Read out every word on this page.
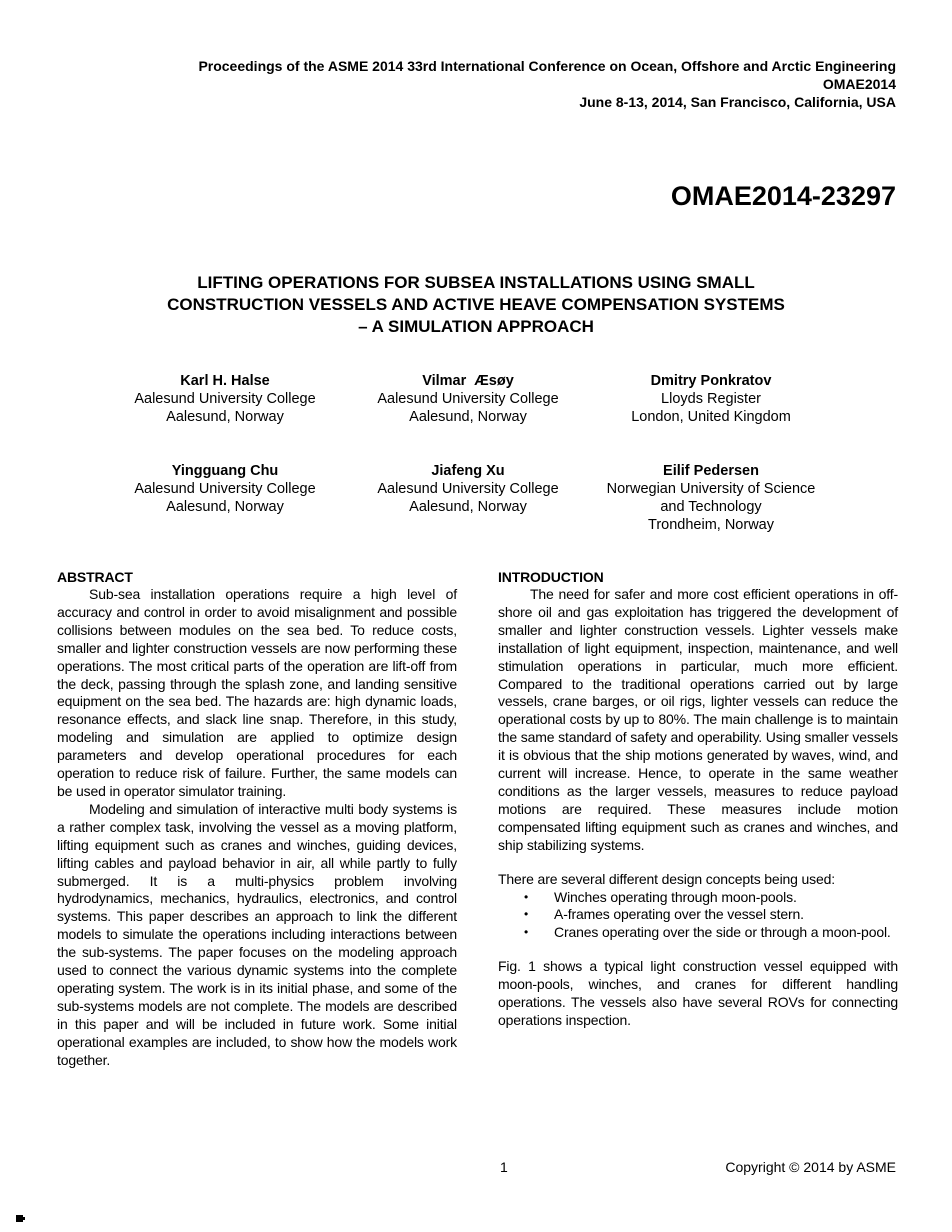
Proceedings of the ASME 2014 33rd International Conference on Ocean, Offshore and Arctic Engineering
OMAE2014
June 8-13, 2014, San Francisco, California, USA
OMAE2014-23297
LIFTING OPERATIONS FOR SUBSEA INSTALLATIONS USING SMALL
CONSTRUCTION VESSELS AND ACTIVE HEAVE COMPENSATION SYSTEMS
– A SIMULATION APPROACH
Karl H. Halse
Aalesund University College
Aalesund, Norway
Vilmar  Æsøy
Aalesund University College
Aalesund, Norway
Dmitry Ponkratov
Lloyds Register
London, United Kingdom
Yingguang Chu
Aalesund University College
Aalesund, Norway
Jiafeng Xu
Aalesund University College
Aalesund, Norway
Eilif Pedersen
Norwegian University of Science
and Technology
Trondheim, Norway
ABSTRACT

Sub-sea installation operations require a high level of accuracy and control in order to avoid misalignment and possible collisions between modules on the sea bed. To reduce costs, smaller and lighter construction vessels are now performing these operations. The most critical parts of the operation are lift-off from the deck, passing through the splash zone, and landing sensitive equipment on the sea bed. The hazards are: high dynamic loads, resonance effects, and slack line snap. Therefore, in this study, modeling and simulation are applied to optimize design parameters and develop operational procedures for each operation to reduce risk of failure. Further, the same models can be used in operator simulator training.

Modeling and simulation of interactive multi body systems is a rather complex task, involving the vessel as a moving platform, lifting equipment such as cranes and winches, guiding devices, lifting cables and payload behavior in air, all while partly to fully submerged. It is a multi-physics problem involving hydrodynamics, mechanics, hydraulics, electronics, and control systems. This paper describes an approach to link the different models to simulate the operations including interactions between the sub-systems. The paper focuses on the modeling approach used to connect the various dynamic systems into the complete operating system. The work is in its initial phase, and some of the sub-systems models are not complete. The models are described in this paper and will be included in future work. Some initial operational examples are included, to show how the models work together.

INTRODUCTION

The need for safer and more cost efficient operations in off-shore oil and gas exploitation has triggered the development of smaller and lighter construction vessels. Lighter vessels make installation of light equipment, inspection, maintenance, and well stimulation operations in particular, much more efficient. Compared to the traditional operations carried out by large vessels, crane barges, or oil rigs, lighter vessels can reduce the operational costs by up to 80%. The main challenge is to maintain the same standard of safety and operability. Using smaller vessels it is obvious that the ship motions generated by waves, wind, and current will increase. Hence, to operate in the same weather conditions as the larger vessels, measures to reduce payload motions are required. These measures include motion compensated lifting equipment such as cranes and winches, and ship stabilizing systems.

There are several different design concepts being used:

• Winches operating through moon-pools.
• A-frames operating over the vessel stern.
• Cranes operating over the side or through a moon-pool.

Fig. 1 shows a typical light construction vessel equipped with moon-pools, winches, and cranes for different handling operations. The vessels also have several ROVs for connecting operations inspection.

1	Copyright © 2014 by ASME
